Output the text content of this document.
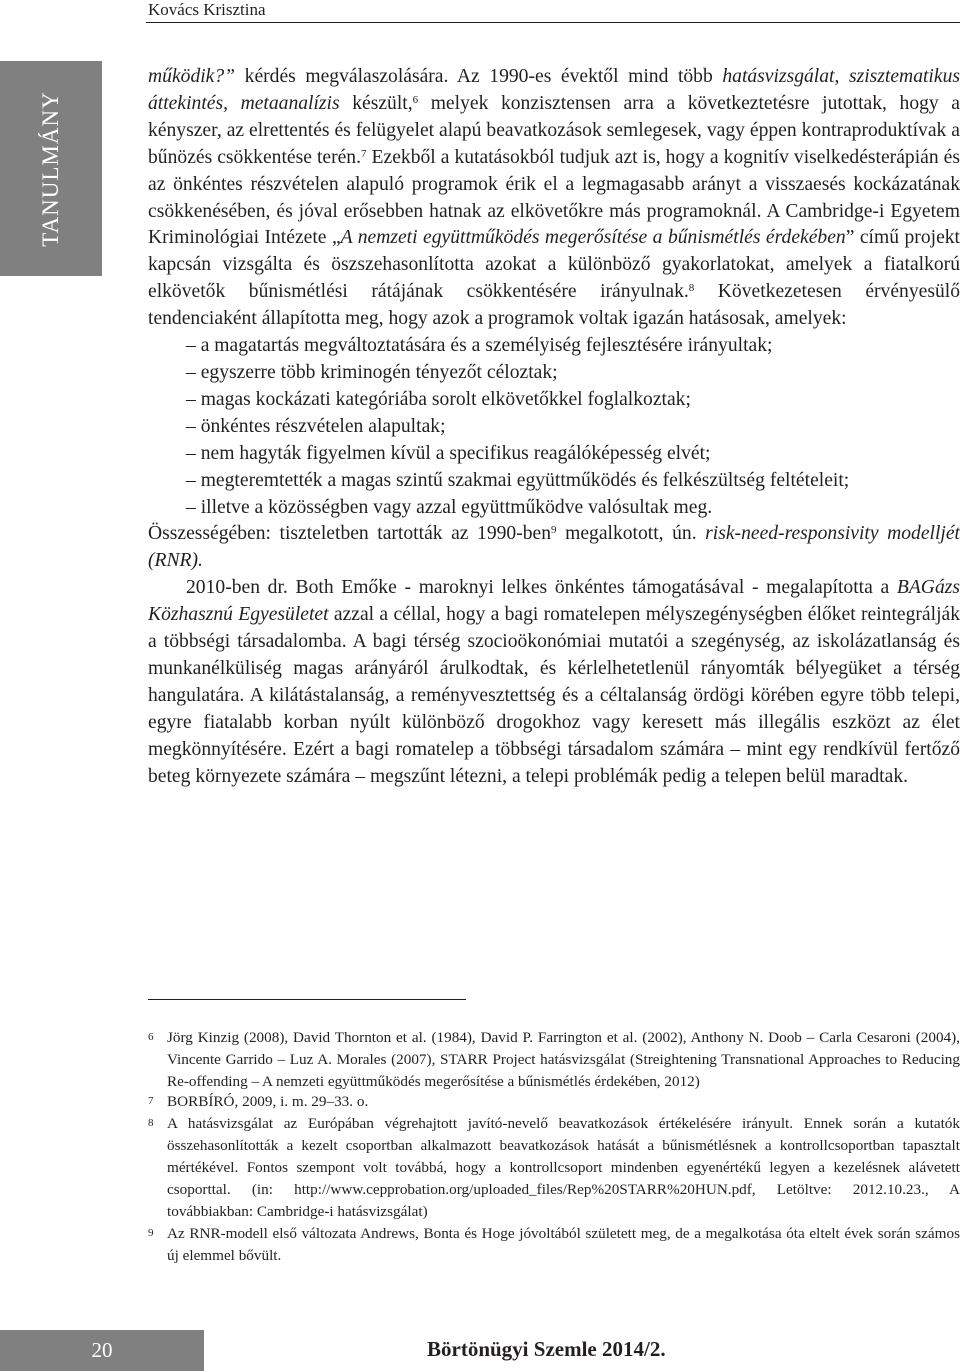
Kovács Krisztina
TANULMÁNY

működik?” kérdés megválaszolására. Az 1990-es évektől mind több hatásvizsgálat, szisztematikus áttekintés, metaanalízis készült,$^6$ melyek konzisztensen arra a következtetésre jutottak, hogy a kényszer, az elrettentés és felügyelet alapú beavatkozások semlegesek, vagy éppen kontraproduktívak a bűnözés csökkentése terén.$^7$ Ezekből a kutatásokból tudjuk azt is, hogy a kognitív viselkedésterápián és az önkéntes részvételen alapuló programok érik el a legmagasabb arányt a visszaesés kockázatának csökkenésében, és jóval erősebben hatnak az elkövetőkre más programoknál. A Cambridge-i Egyetem Kriminológiai Intézete „A nemzeti együttműködés megerősítése a bűnismétlés érdekében” című projekt kapcsán vizsgálta és öszszehasonlította azokat a különböző gyakorlatokat, amelyek a fiatalkorú elkövetők bűnismétlési rátájának csökkentésére irányulnak.$^8$ Következetesen érvényesülő tendenciaként állapította meg, hogy azok a programok voltak igazán hatásosak, amelyek:

– a magatartás megváltoztatására és a személyiség fejlesztésére irányultak;
– egyszerre több kriminogén tényezőt céloztak;
– magas kockázati kategóriába sorolt elkövetőkkel foglalkoztak;
– önkéntes részvételen alapultak;
– nem hagyták figyelmen kívül a specifikus reagálóképesség elvét;
– megteremtették a magas szintű szakmai együttműködés és felkészültség feltételeit;
– illetve a közösségben vagy azzal együttműködve valósultak meg.

Összességében: tiszteletben tartották az 1990-ben$^9$ megalkotott, ún. risk-need-responsivity modelljét (RNR).

2010-ben dr. Both Emőke - maroknyi lelkes önkéntes támogatásával - megalapította a BAGázs Közhasznú Egyesületet azzal a céllal, hogy a bagi romatelepen mélyszegénységben élőket reintegrálják a többségi társadalomba. A bagi térség szocioökonómiai mutatói a szegénység, az iskolázatlanság és munkanélküliség magas arányáról árulkodtak, és kérlelhetetlenül rányomták bélyegüket a térség hangulatára. A kilátástalanság, a reményvesztettség és a céltalanság ördögi körében egyre több telepi, egyre fiatalabb korban nyúlt különböző drogokhoz vagy keresett más illegális eszközt az élet megkönnyítésére. Ezért a bagi romatelep a többségi társadalom számára – mint egy rendkívül fertőző beteg környezete számára – megszűnt létezni, a telepi problémák pedig a telepen belül maradtak.

6 Jörg Kinzig (2008), David Thornton et al. (1984), David P. Farrington et al. (2002), Anthony N. Doob – Carla Cesaroni (2004), Vincente Garrido – Luz A. Morales (2007), STARR Project hatásvizsgálat (Streightening Transnational Approaches to Reducing Re-offending – A nemzeti együttműködés megerősítése a bűnismétlés érdekében, 2012)
7 BORBÍRÓ, 2009, i. m. 29–33. o.
8 A hatásvizsgálat az Európában végrehajtott javító-nevelő beavatkozások értékelésére irányult. Ennek során a kutatók összehasonlították a kezelt csoportban alkalmazott beavatkozások hatását a bűnismétlésnek a kontrollcsoportban tapasztalt mértékével. Fontos szempont volt továbbá, hogy a kontrollcsoport mindenben egyenértékű legyen a kezelésnek alávetett csoporttal. (in: http://www.cepprobation.org/uploaded_files/Rep%20STARR%20HUN.pdf, Letöltve: 2012.10.23., A továbbiakban: Cambridge-i hatásvizsgálat)
9 Az RNR-modell első változata Andrews, Bonta és Hoge jóvoltából született meg, de a megalkotása óta eltelt évek során számos új elemmel bővült.
20	Börtönügyi Szemle 2014/2.
